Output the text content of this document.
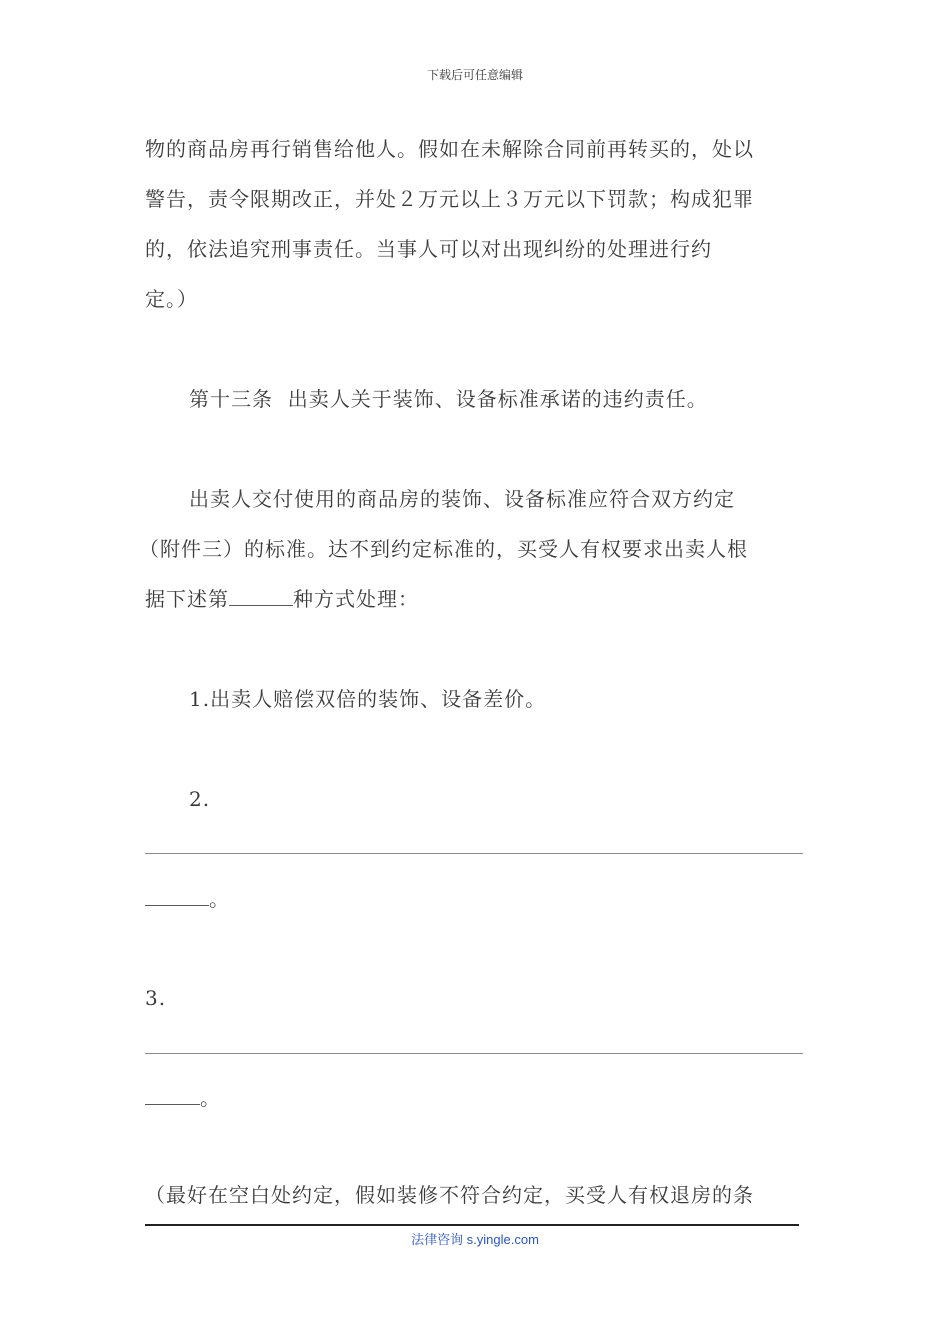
下载后可任意编辑
物的商品房再行销售给他人。假如在未解除合同前再转买的，处以
警告，责令限期改正，并处２万元以上３万元以下罚款；构成犯罪
的，依法追究刑事责任。当事人可以对出现纠纷的处理进行约
定。）
第十三条  出卖人关于装饰、设备标准承诺的违约责任。
出卖人交付使用的商品房的装饰、设备标准应符合双方约定
（附件三）的标准。达不到约定标准的，买受人有权要求出卖人根
据下述第	种方式处理：
1.出卖人赔偿双倍的装饰、设备差价。
2.
。
3.
。
（最好在空白处约定，假如装修不符合约定，买受人有权退房的条
法律咨询 s.yingle.com
